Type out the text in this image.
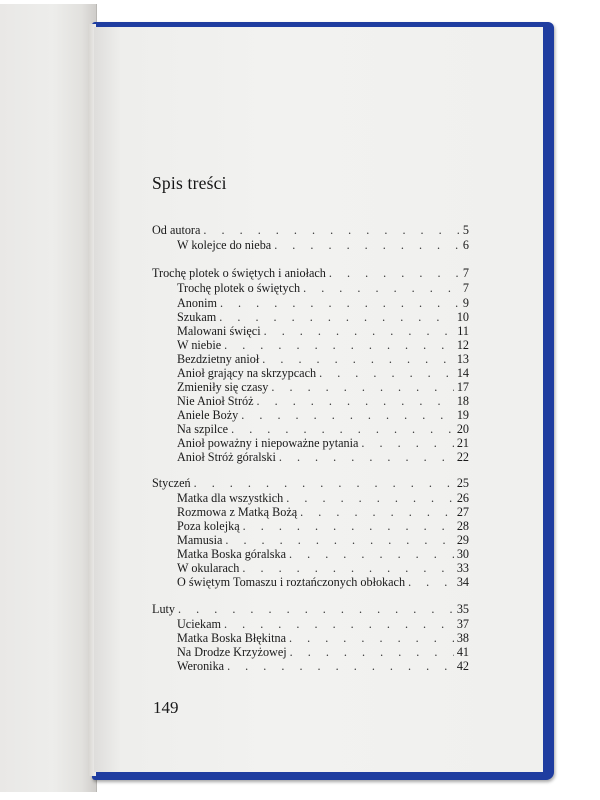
Spis treści
Od autora . . .	5
W kolejce do nieba . . .	6
Trochę plotek o świętych i aniołach . . .	7
Trochę plotek o świętych . . .	7
Anonim . . .	9
Szukam . . .	10
Malowani święci . . .	11
W niebie . . .	12
Bezdzietny anioł . . .	13
Anioł grający na skrzypcach . . .	14
Zmieniły się czasy . . .	17
Nie Anioł Stróż . . .	18
Aniele Boży . . .	19
Na szpilce . . .	20
Anioł poważny i niepoważne pytania . . .	21
Anioł Stróż góralski . . .	22
Styczeń . . .	25
Matka dla wszystkich . . .	26
Rozmowa z Matką Bożą . . .	27
Poza kolejką . . .	28
Mamusia . . .	29
Matka Boska góralska . . .	30
W okularach . . .	33
O świętym Tomaszu i roztańczonych obłokach . . .	34
Luty . . .	35
Uciekam . . .	37
Matka Boska Błękitna . . .	38
Na Drodze Krzyżowej . . .	41
Weronika . . .	42
149
